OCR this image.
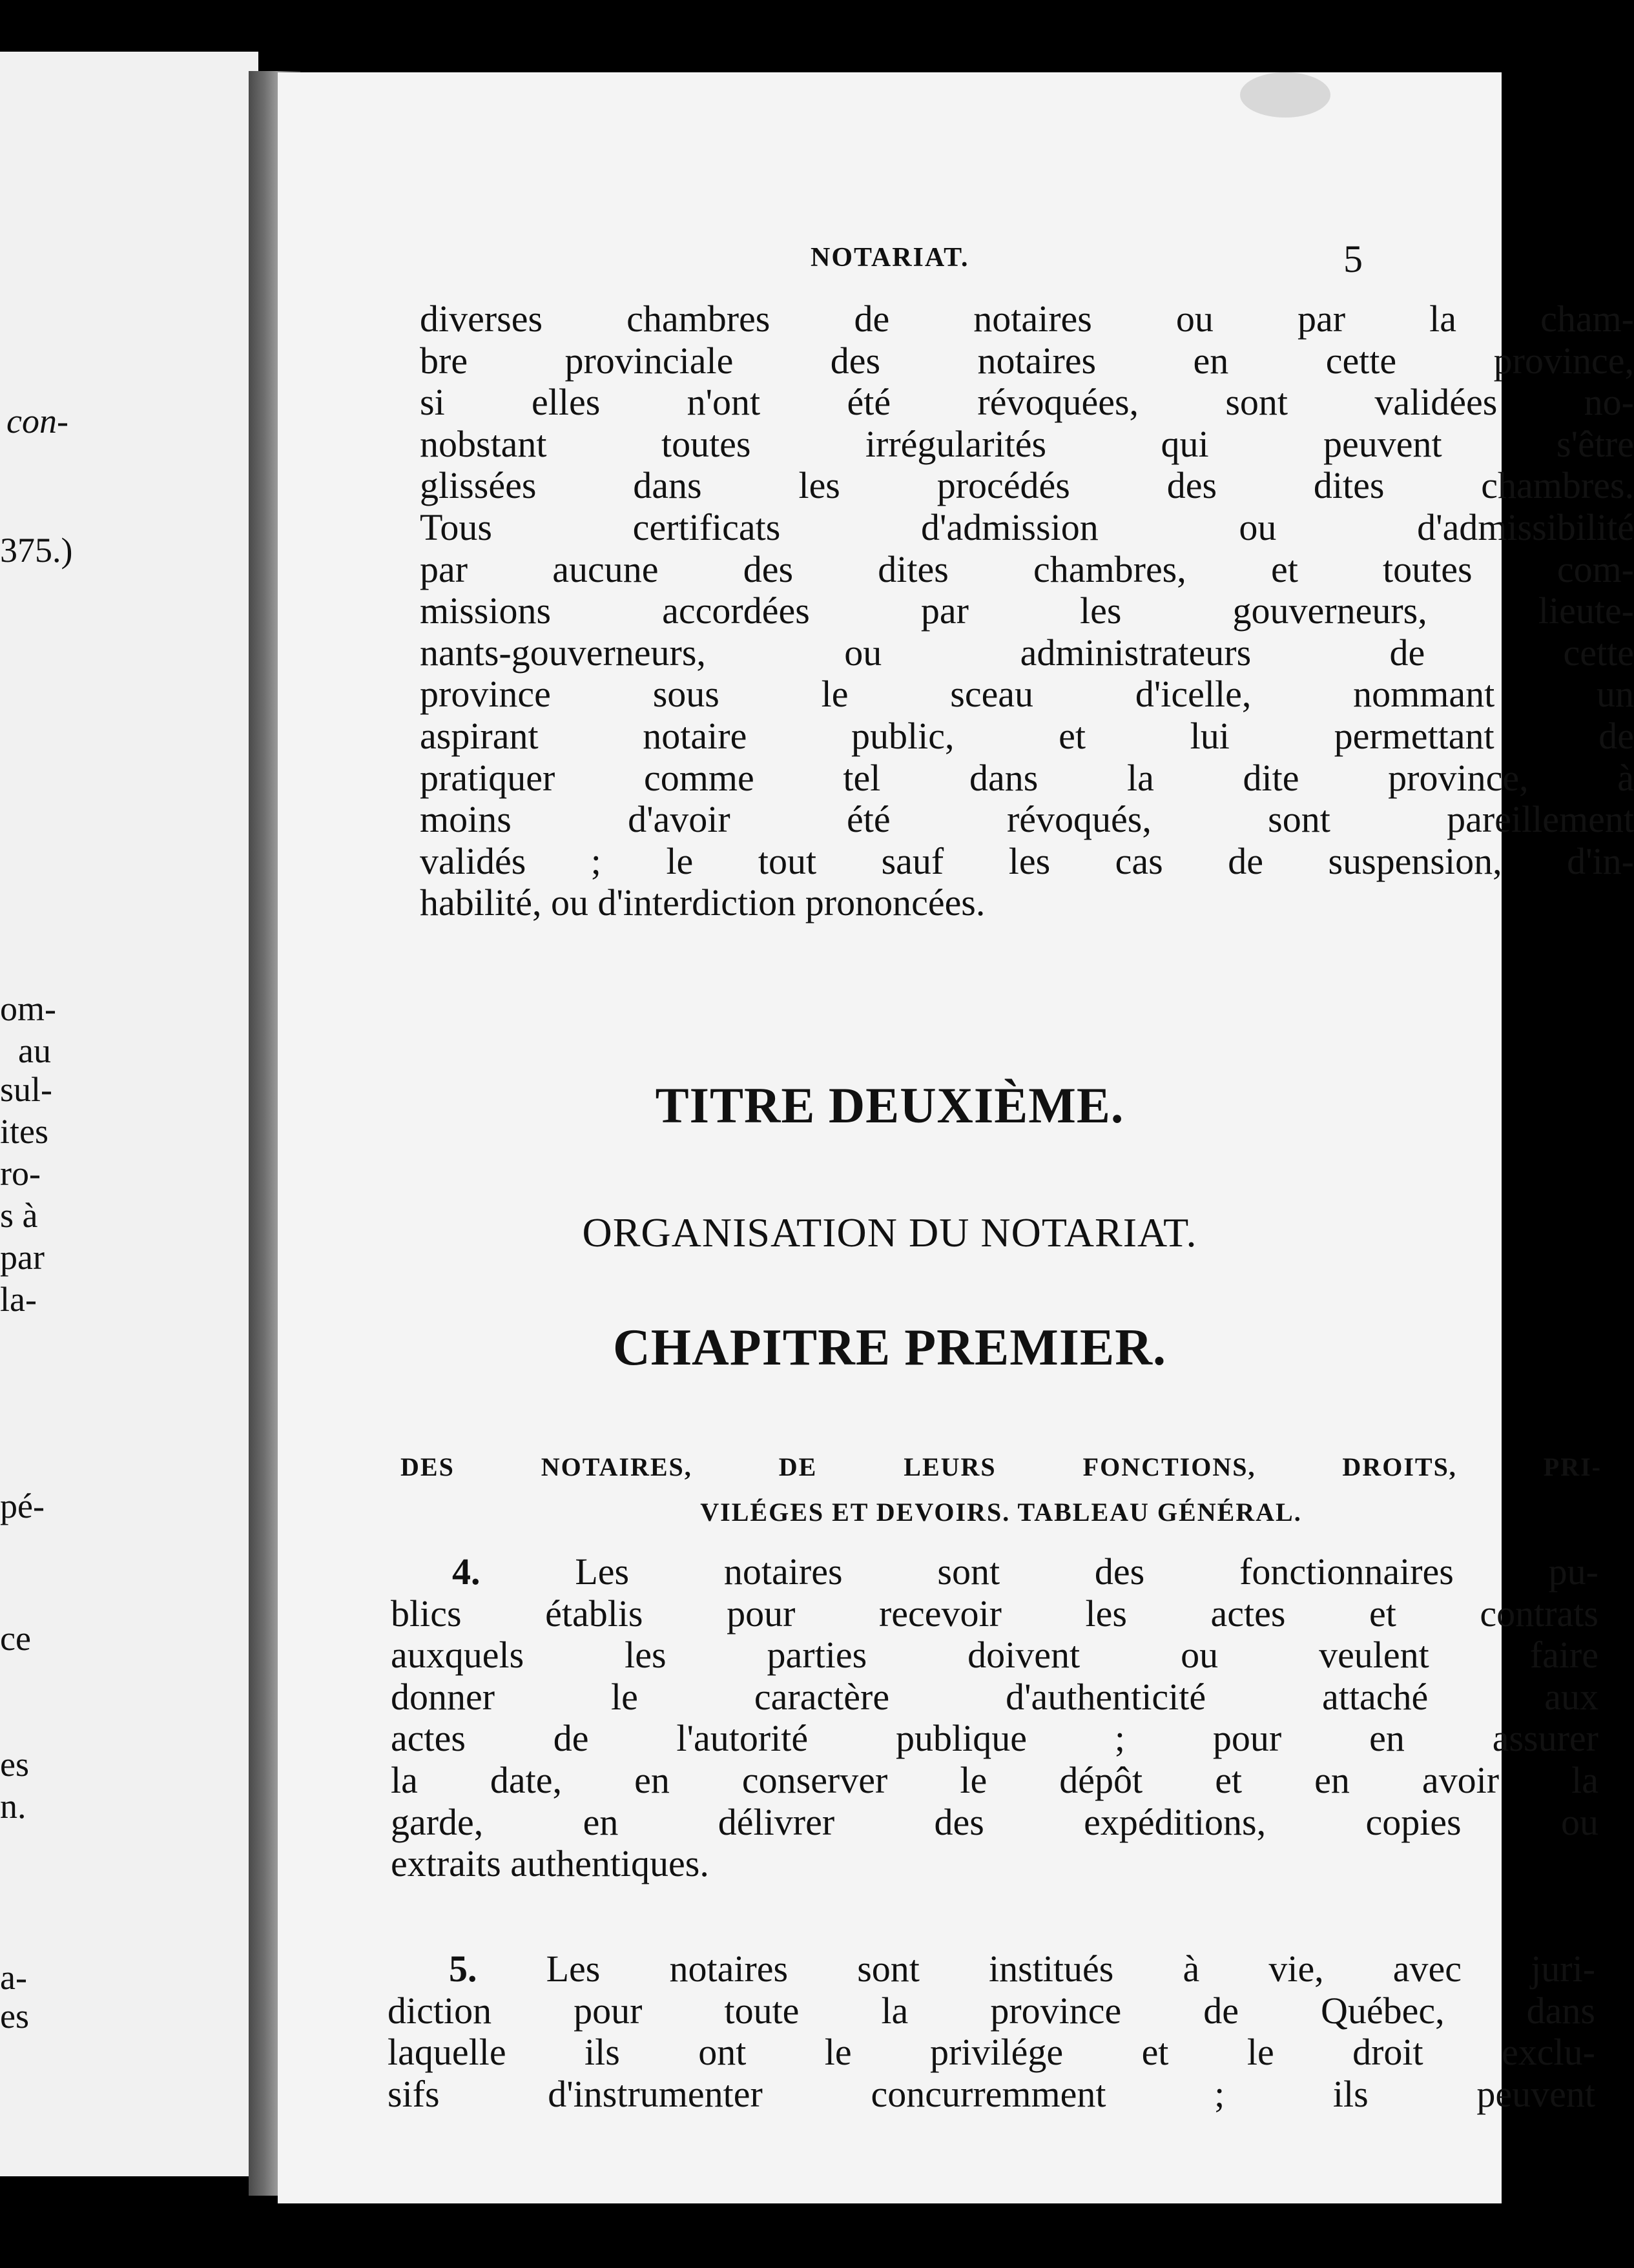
con-
375.)
om-
au
sul-
ites
ro-
s à
par
la-
pé-
ce
es
n.
a-
es
NOTARIAT.	5
diverses chambres de notaires ou par la cham-
bre provinciale des notaires en cette province,
si elles n'ont été révoquées, sont validées no-
nobstant toutes irrégularités qui peuvent s'être
glissées dans les procédés des dites chambres.
Tous certificats d'admission ou d'admissibilité
par aucune des dites chambres, et toutes com-
missions accordées par les gouverneurs, lieute-
nants-gouverneurs, ou administrateurs de cette
province sous le sceau d'icelle, nommant un
aspirant notaire public, et lui permettant de
pratiquer comme tel dans la dite province, à
moins d'avoir été révoqués, sont pareillement
validés ; le tout sauf les cas de suspension, d'in-
habilité, ou d'interdiction prononcées.
TITRE DEUXIÈME.
ORGANISATION DU NOTARIAT.
CHAPITRE PREMIER.
DES NOTAIRES, DE LEURS FONCTIONS, DROITS, PRI-
VILÉGES ET DEVOIRS. TABLEAU GÉNÉRAL.
4.	Les notaires sont des fonctionnaires pu-
blics établis pour recevoir les actes et contrats
auxquels les parties doivent ou veulent faire
donner le caractère d'authenticité attaché aux
actes de l'autorité publique ; pour en assurer
la date, en conserver le dépôt et en avoir la
garde, en délivrer des expéditions, copies ou
extraits authentiques.
5. Les notaires sont institués à vie, avec juri-
diction pour toute la province de Québec, dans
laquelle ils ont le privilége et le droit exclu-
sifs d'instrumenter concurremment ; ils peuvent
